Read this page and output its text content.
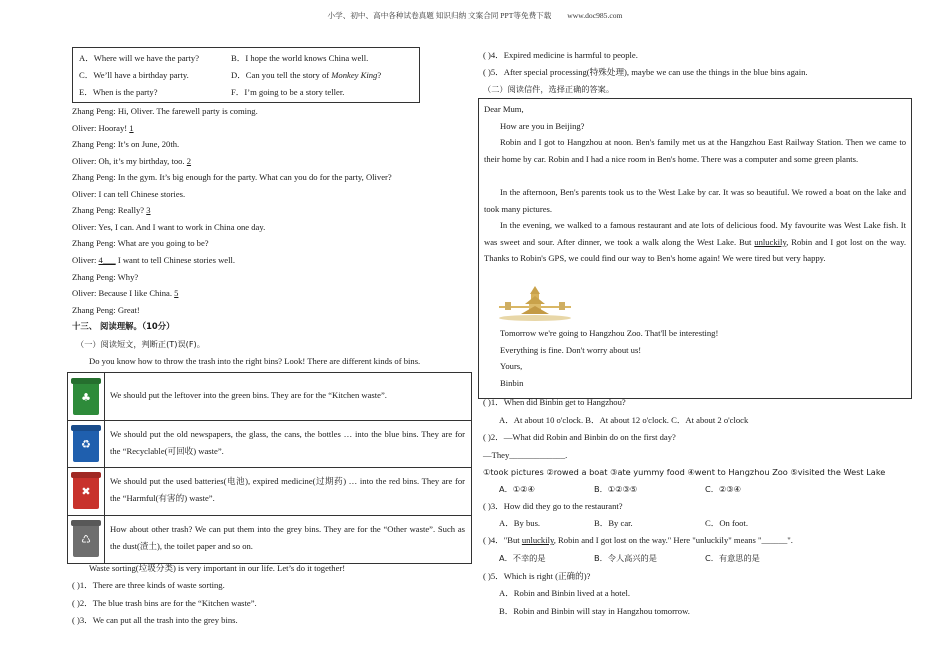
小学、初中、高中各种试卷真题 知识归纳 文案合同 PPT等免费下载 www.doc985.com
A．Where will we have the party?	B．I hope the world knows China well.
C．We’ll have a birthday party.	D．Can you tell the story of Monkey King?
E．When is the party?	F．I’m going to be a story teller.
Zhang Peng: Hi, Oliver. The farewell party is coming.
Oliver: Hooray! 1
Zhang Peng: It’s on June, 20th.
Oliver: Oh, it’s my birthday, too. 2
Zhang Peng: In the gym. It’s big enough for the party. What can you do for the party, Oliver?
Oliver: I can tell Chinese stories.
Zhang Peng: Really? 3
Oliver: Yes, I can. And I want to work in China one day.
Zhang Peng: What are you going to be?
Oliver: 4___ I want to tell Chinese stories well.
Zhang Peng: Why?
Oliver: Because I like China. 5
Zhang Peng: Great!
十三、 阅读理解。（10分）
（一）阅读短文，判断正(T)误(F)。
Do you know how to throw the trash into the right bins? Look! There are different kinds of bins.
♣ We should put the leftover into the green bins. They are for the “Kitchen waste”.
♻
We should put the old newspapers, the glass, the cans, the bottles … into the blue bins. They are for the “Recyclable(可回收) waste”.
✖
We should put the used batteries(电池), expired medicine(过期药) … into the red bins. They are for the “Harmful(有害的) waste”.
♺
How about other trash? We can put them into the grey bins. They are for the “Other waste”. Such as the dust(渣土), the toilet paper and so on.
Waste sorting(垃圾分类) is very important in our life. Let’s do it together!
( )1．There are three kinds of waste sorting.
( )2．The blue trash bins are for the “Kitchen waste”.
( )3．We can put all the trash into the grey bins.
( )4．Expired medicine is harmful to people.
( )5．After special processing(特殊处理), maybe we can use the things in the blue bins again.
（二）阅读信件，选择正确的答案。
Dear Mum,
How are you in Beijing?
Robin and I got to Hangzhou at noon. Ben's family met us at the Hangzhou East Railway Station. Then we came to their home by car. Robin and I had a nice room in Ben's home. There was a computer and some green plants.
In the afternoon, Ben's parents took us to the West Lake by car. It was so beautiful. We rowed a boat on the lake and took many pictures.
In the evening, we walked to a famous restaurant and ate lots of delicious food. My favourite was West Lake fish. It was sweet and sour. After dinner, we took a walk along the West Lake. But unluckily, Robin and I got lost on the way. Thanks to Robin's GPS, we could find our way to Ben's home again! We were tired but very happy.
Tomorrow we're going to Hangzhou Zoo. That'll be interesting!
Everything is fine. Don't worry about us!
Yours,
Binbin
( )1．When did Binbin get to Hangzhou?
A．At about 10 o'clock. B．At about 12 o'clock. C．At about 2 o'clock
( )2．—What did Robin and Binbin do on the first day?
—They_____________.
①took pictures ②rowed a boat ③ate yummy food ④went to Hangzhou Zoo ⑤visited the West Lake
A．①②④	B．①②③⑤	C．②③④
( )3．How did they go to the restaurant?
A．By bus.	B．By car.	C．On foot.
( )4．"But unluckily, Robin and I got lost on the way." Here "unluckily" means "______".
A．不幸的是	B．令人高兴的是	C．有意思的是
( )5．Which is right (正确的)?
A．Robin and Binbin lived at a hotel.
B．Robin and Binbin will stay in Hangzhou tomorrow.
